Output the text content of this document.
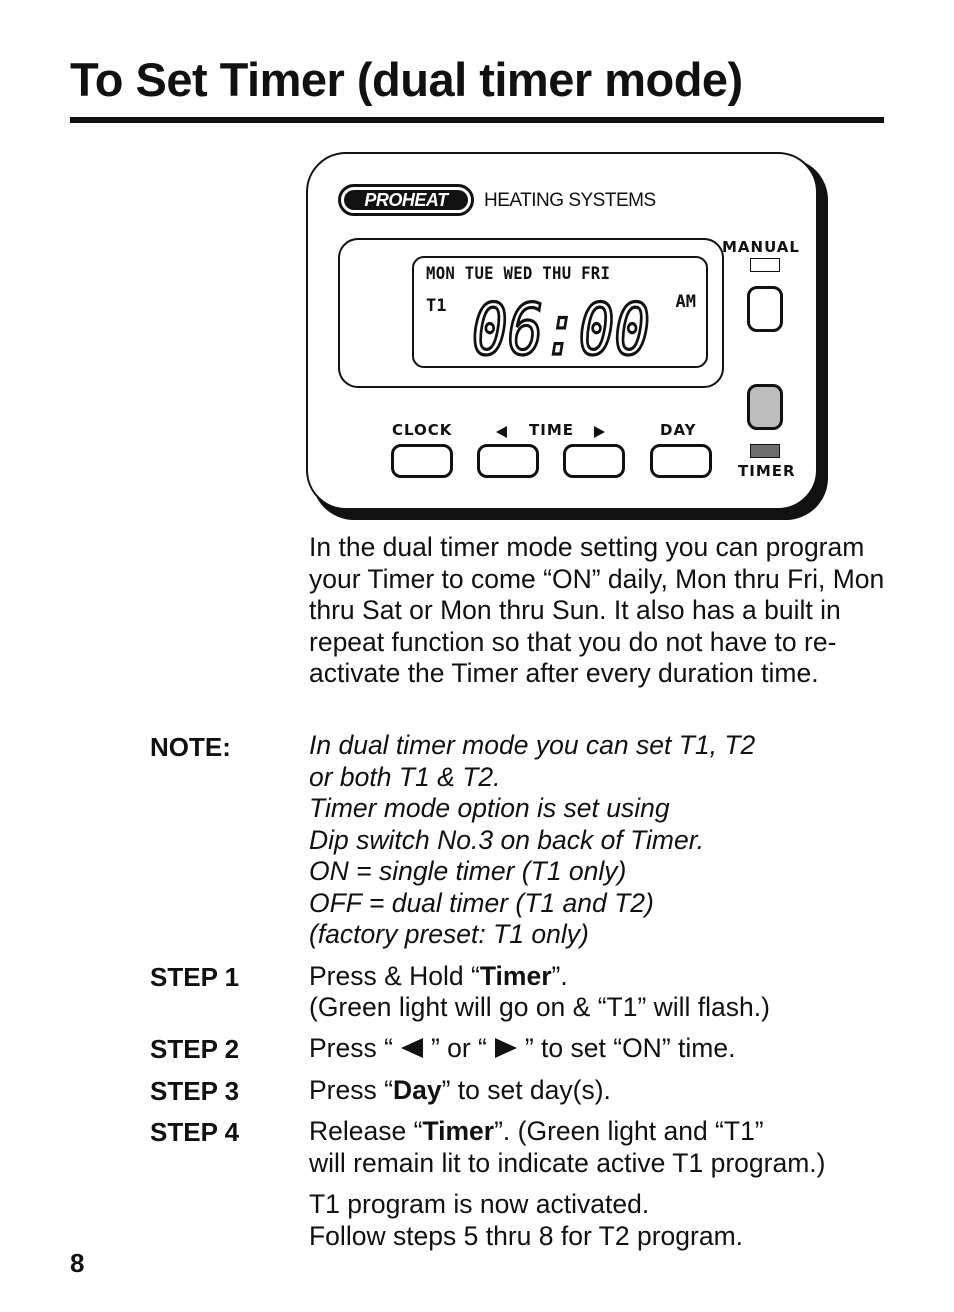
To Set Timer (dual timer mode)
PROHEAT HEATING SYSTEMS
MON TUE WED THU FRI
T1	AM
06:00
MANUAL
TIMER
CLOCK	TIME	DAY

In the dual timer mode setting you can program your Timer to come “ON” daily, Mon thru Fri, Mon thru Sat or Mon thru Sun. It also has a built in repeat function so that you do not have to re-activate the Timer after every duration time.

NOTE:	In dual timer mode you can set T1, T2
or both T1 & T2.
Timer mode option is set using
Dip switch No.3 on back of Timer.
ON = single timer (T1 only)
OFF = dual timer (T1 and T2)
(factory preset: T1 only)
STEP 1	Press & Hold “Timer”.
(Green light will go on & “T1” will flash.)
STEP 2	Press “ ” or “ ” to set “ON” time.
STEP 3	Press “Day” to set day(s).
STEP 4	Release “Timer”. (Green light and “T1”
will remain lit to indicate active T1 program.)
T1 program is now activated.
Follow steps 5 thru 8 for T2 program.
8
